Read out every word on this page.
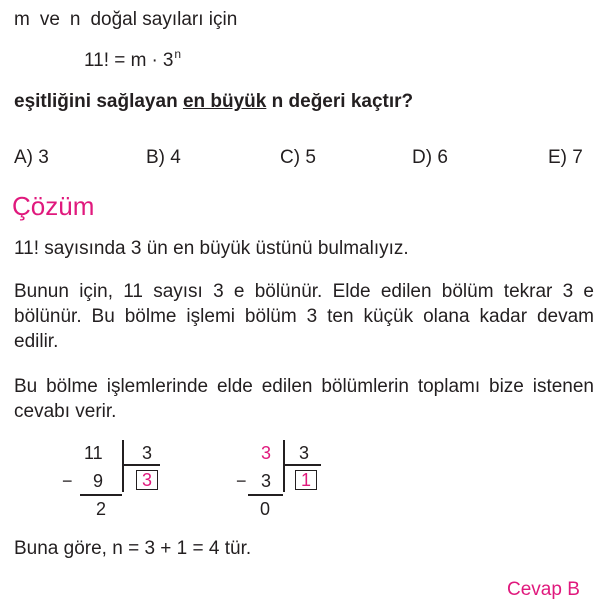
m ve n doğal sayıları için
11! = $m \cdot 3^n$
eşitliğini sağlayan en büyük n değeri kaçtır?
A) 3	B) 4	C) 5	D) 6	E) 7
Çözüm
11! sayısında 3 ün en büyük üstünü bulmalıyız.
Bunun için, 11 sayısı 3 e bölünür. Elde edilen bölüm tekrar 3 e bölünür. Bu bölme işlemi bölüm 3 ten küçük olana kadar devam edilir.
Bu bölme işlemlerinde elde edilen bölümlerin toplamı bize istenen cevabı verir.
11 3
− 9	3
2
3 3
− 3	1
0
Buna göre, n = 3 + 1 = 4 tür.
Cevap B
